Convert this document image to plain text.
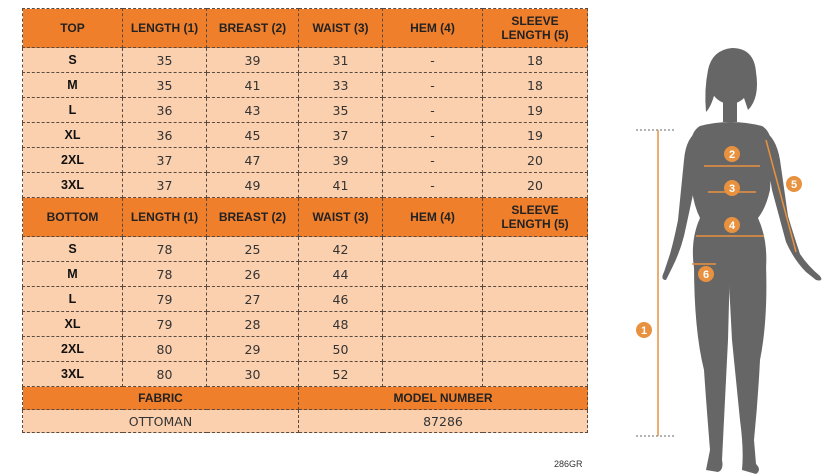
TOP	LENGTH (1)	BREAST (2)	WAIST (3)	HEM (4)	SLEEVE
LENGTH (5)
S	35	39	31	-	18
M	35	41	33	-	18
L	36	43	35	-	19
XL	36	45	37	-	19
2XL	37	47	39	-	20
3XL	37	49	41	-	20
BOTTOM	LENGTH (1)	BREAST (2)	WAIST (3)	HEM (4)	SLEEVE
LENGTH (5)
S	78	25	42		
M	78	26	44		
L	79	27	46		
XL	79	28	48		
2XL	80	29	50		
3XL	80	30	52		
FABRIC			MODEL NUMBER		
OTTOMAN			87286		
286GR
1
2
3
4
5
6
